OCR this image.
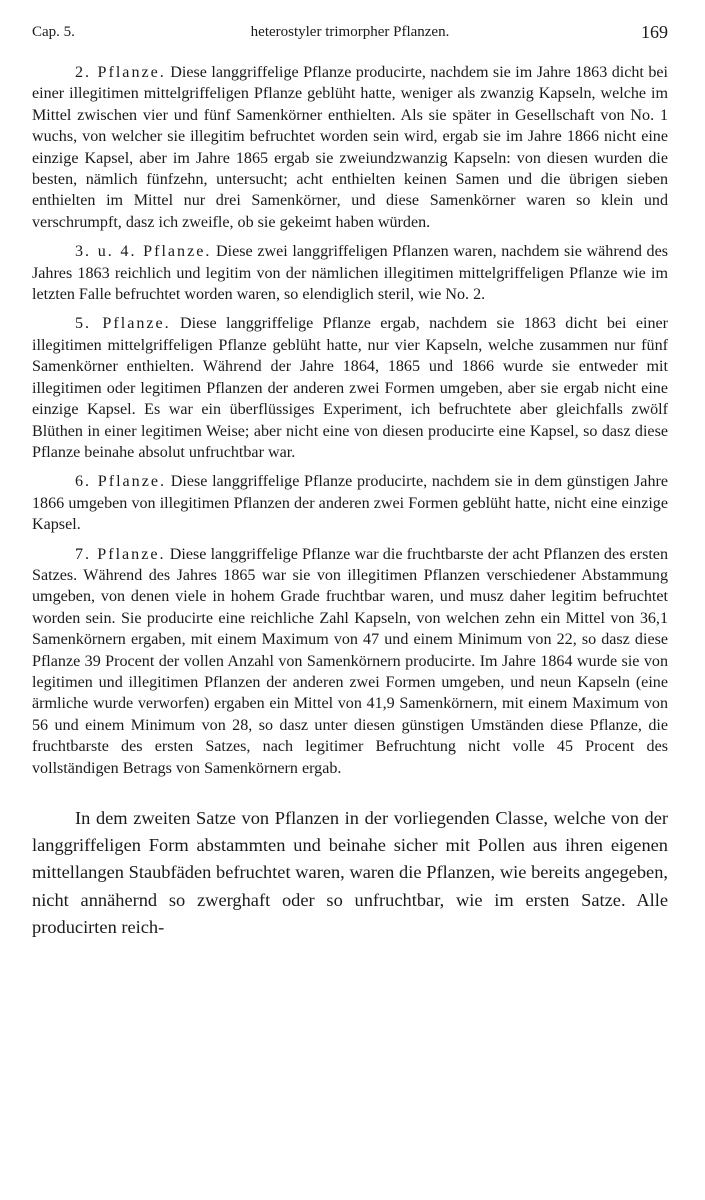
Cap. 5.	heterostyler trimorpher Pflanzen.	169

2. Pflanze. Diese langgriffelige Pflanze producirte, nachdem sie im Jahre 1863 dicht bei einer illegitimen mittelgriffeligen Pflanze geblüht hatte, weniger als zwanzig Kapseln, welche im Mittel zwischen vier und fünf Samenkörner enthielten. Als sie später in Gesellschaft von No. 1 wuchs, von welcher sie illegitim befruchtet worden sein wird, ergab sie im Jahre 1866 nicht eine einzige Kapsel, aber im Jahre 1865 ergab sie zweiundzwanzig Kapseln: von diesen wurden die besten, nämlich fünfzehn, untersucht; acht enthielten keinen Samen und die übrigen sieben enthielten im Mittel nur drei Samenkörner, und diese Samenkörner waren so klein und verschrumpft, dasz ich zweifle, ob sie gekeimt haben würden.

3. u. 4. Pflanze. Diese zwei langgriffeligen Pflanzen waren, nachdem sie während des Jahres 1863 reichlich und legitim von der nämlichen illegitimen mittelgriffeligen Pflanze wie im letzten Falle befruchtet worden waren, so elendiglich steril, wie No. 2.

5. Pflanze. Diese langgriffelige Pflanze ergab, nachdem sie 1863 dicht bei einer illegitimen mittelgriffeligen Pflanze geblüht hatte, nur vier Kapseln, welche zusammen nur fünf Samenkörner enthielten. Während der Jahre 1864, 1865 und 1866 wurde sie entweder mit illegitimen oder legitimen Pflanzen der anderen zwei Formen umgeben, aber sie ergab nicht eine einzige Kapsel. Es war ein überflüssiges Experiment, ich befruchtete aber gleichfalls zwölf Blüthen in einer legitimen Weise; aber nicht eine von diesen producirte eine Kapsel, so dasz diese Pflanze beinahe absolut unfruchtbar war.

6. Pflanze. Diese langgriffelige Pflanze producirte, nachdem sie in dem günstigen Jahre 1866 umgeben von illegitimen Pflanzen der anderen zwei Formen geblüht hatte, nicht eine einzige Kapsel.

7. Pflanze. Diese langgriffelige Pflanze war die fruchtbarste der acht Pflanzen des ersten Satzes. Während des Jahres 1865 war sie von illegitimen Pflanzen verschiedener Abstammung umgeben, von denen viele in hohem Grade fruchtbar waren, und musz daher legitim befruchtet worden sein. Sie producirte eine reichliche Zahl Kapseln, von welchen zehn ein Mittel von 36,1 Samenkörnern ergaben, mit einem Maximum von 47 und einem Minimum von 22, so dasz diese Pflanze 39 Procent der vollen Anzahl von Samenkörnern producirte. Im Jahre 1864 wurde sie von legitimen und illegitimen Pflanzen der anderen zwei Formen umgeben, und neun Kapseln (eine ärmliche wurde verworfen) ergaben ein Mittel von 41,9 Samenkörnern, mit einem Maximum von 56 und einem Minimum von 28, so dasz unter diesen günstigen Umständen diese Pflanze, die fruchtbarste des ersten Satzes, nach legitimer Befruchtung nicht volle 45 Procent des vollständigen Betrags von Samenkörnern ergab.

In dem zweiten Satze von Pflanzen in der vorliegenden Classe, welche von der langgriffeligen Form abstammten und beinahe sicher mit Pollen aus ihren eigenen mittellangen Staubfäden befruchtet waren, waren die Pflanzen, wie bereits angegeben, nicht annähernd so zwerghaft oder so unfruchtbar, wie im ersten Satze. Alle producirten reich-
